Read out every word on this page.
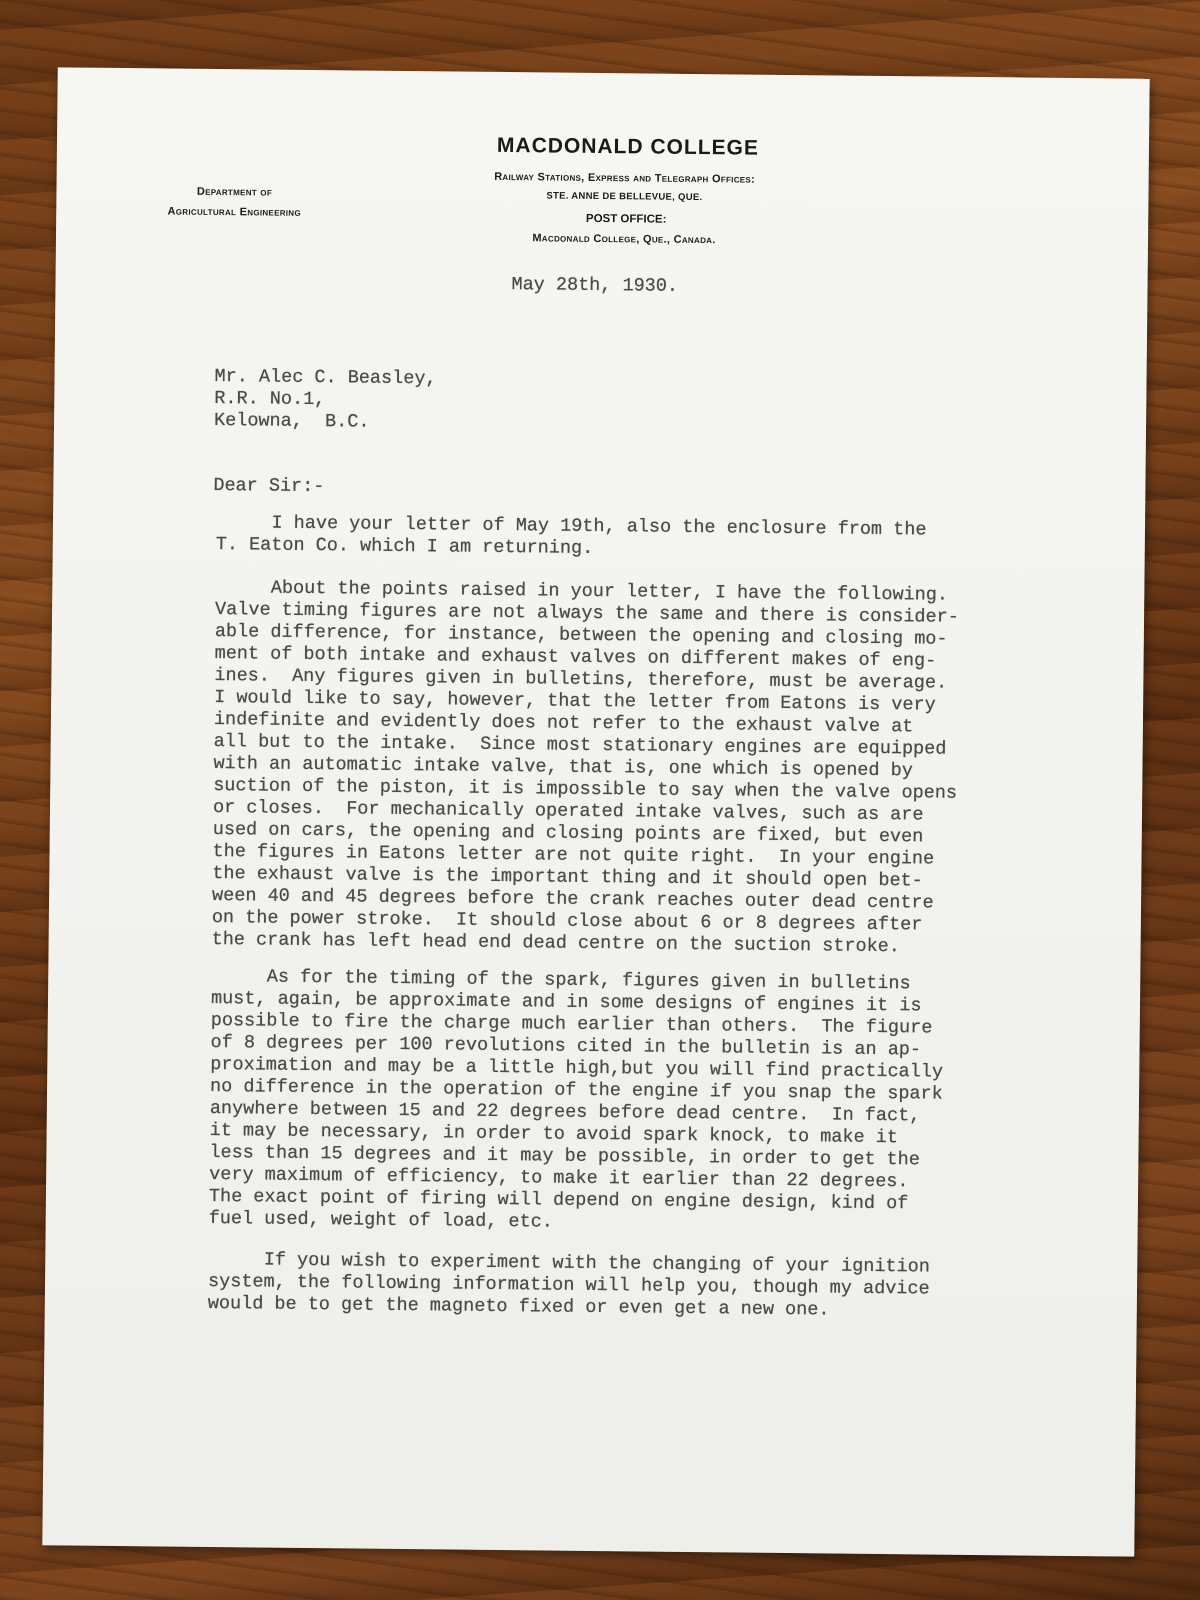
MACDONALD COLLEGE
Department of
Agricultural Engineering
Railway Stations, Express and Telegraph Offices:
STE. ANNE DE BELLEVUE, QUE.
POST OFFICE:
Macdonald College, Que., Canada.
May 28th, 1930.
Mr. Alec C. Beasley,
R.R. No.1,
Kelowna,  B.C.
Dear Sir:-
I have your letter of May 19th, also the enclosure from the
T. Eaton Co. which I am returning.
About the points raised in your letter, I have the following.
Valve timing figures are not always the same and there is consider-
able difference, for instance, between the opening and closing mo-
ment of both intake and exhaust valves on different makes of eng-
ines.  Any figures given in bulletins, therefore, must be average.
I would like to say, however, that the letter from Eatons is very
indefinite and evidently does not refer to the exhaust valve at
all but to the intake.  Since most stationary engines are equipped
with an automatic intake valve, that is, one which is opened by
suction of the piston, it is impossible to say when the valve opens
or closes.  For mechanically operated intake valves, such as are
used on cars, the opening and closing points are fixed, but even
the figures in Eatons letter are not quite right.  In your engine
the exhaust valve is the important thing and it should open bet-
ween 40 and 45 degrees before the crank reaches outer dead centre
on the power stroke.  It should close about 6 or 8 degrees after
the crank has left head end dead centre on the suction stroke.
As for the timing of the spark, figures given in bulletins
must, again, be approximate and in some designs of engines it is
possible to fire the charge much earlier than others.  The figure
of 8 degrees per 100 revolutions cited in the bulletin is an ap-
proximation and may be a little high,but you will find practically
no difference in the operation of the engine if you snap the spark
anywhere between 15 and 22 degrees before dead centre.  In fact,
it may be necessary, in order to avoid spark knock, to make it
less than 15 degrees and it may be possible, in order to get the
very maximum of efficiency, to make it earlier than 22 degrees.
The exact point of firing will depend on engine design, kind of
fuel used, weight of load, etc.
If you wish to experiment with the changing of your ignition
system, the following information will help you, though my advice
would be to get the magneto fixed or even get a new one.
